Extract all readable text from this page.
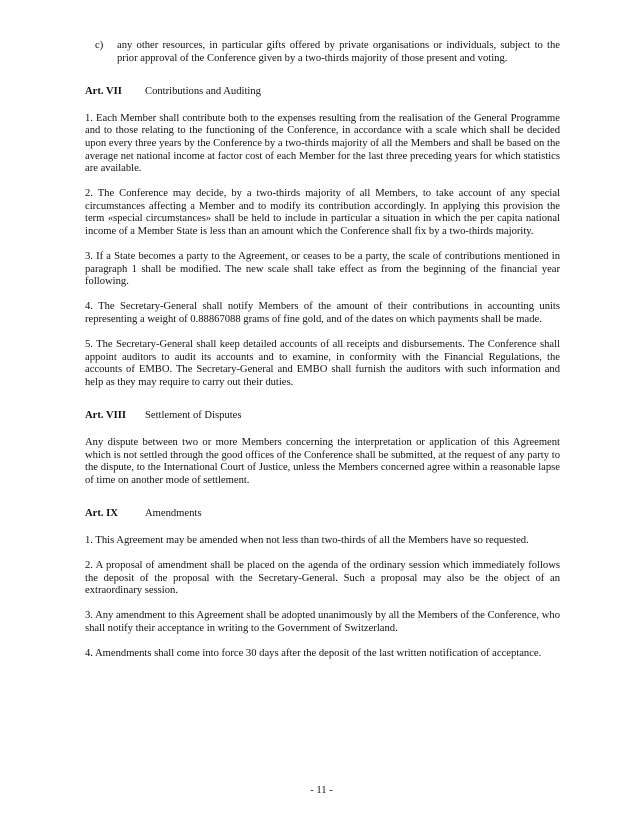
c)	any other resources, in particular gifts offered by private organisations or individuals, subject to the prior approval of the Conference given by a two-thirds majority of those present and voting.
Art. VII	Contributions and Auditing

1. Each Member shall contribute both to the expenses resulting from the realisation of the General Programme and to those relating to the functioning of the Conference, in accordance with a scale which shall be decided upon every three years by the Conference by a two-thirds majority of all the Members and shall be based on the average net national income at factor cost of each Member for the last three preceding years for which statistics are available.

2. The Conference may decide, by a two-thirds majority of all Members, to take account of any special circumstances affecting a Member and to modify its contribution accordingly. In applying this provision the term «special circumstances» shall be held to include in particular a situation in which the per capita national income of a Member State is less than an amount which the Conference shall fix by a two-thirds majority.

3. If a State becomes a party to the Agreement, or ceases to be a party, the scale of contributions mentioned in paragraph 1 shall be modified. The new scale shall take effect as from the beginning of the financial year following.

4. The Secretary-General shall notify Members of the amount of their contributions in accounting units representing a weight of 0.88867088 grams of fine gold, and of the dates on which payments shall be made.

5. The Secretary-General shall keep detailed accounts of all receipts and disbursements. The Conference shall appoint auditors to audit its accounts and to examine, in conformity with the Financial Regulations, the accounts of EMBO. The Secretary-General and EMBO shall furnish the auditors with such information and help as they may require to carry out their duties.

Art. VIII	Settlement of Disputes

Any dispute between two or more Members concerning the interpretation or application of this Agreement which is not settled through the good offices of the Conference shall be submitted, at the request of any party to the dispute, to the International Court of Justice, unless the Members concerned agree within a reasonable lapse of time on another mode of settlement.

Art. IX	Amendments

1. This Agreement may be amended when not less than two-thirds of all the Members have so requested.

2. A proposal of amendment shall be placed on the agenda of the ordinary session which immediately follows the deposit of the proposal with the Secretary-General. Such a proposal may also be the object of an extraordinary session.

3. Any amendment to this Agreement shall be adopted unanimously by all the Members of the Conference, who shall notify their acceptance in writing to the Government of Switzerland.

4. Amendments shall come into force 30 days after the deposit of the last written notification of acceptance.

- 11 -
